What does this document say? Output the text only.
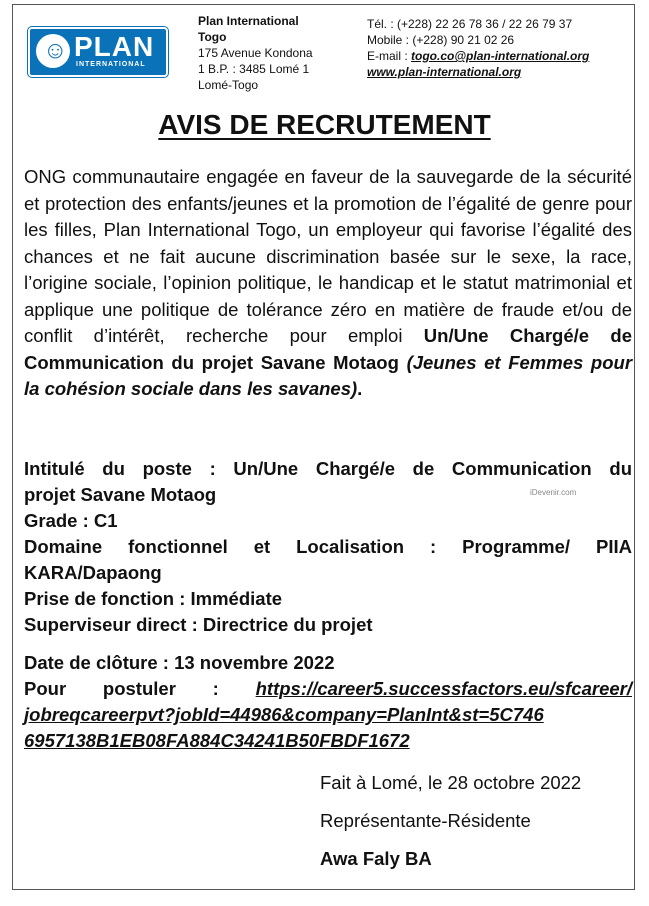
☺ PLAN
INTERNATIONAL
Plan International
Togo
175 Avenue Kondona
1 B.P. : 3485 Lomé 1
Lomé-Togo
Tél. : (+228) 22 26 78 36 / 22 26 79 37
Mobile : (+228) 90 21 02 26
E-mail : togo.co@plan-international.org
www.plan-international.org
AVIS DE RECRUTEMENT

ONG communautaire engagée en faveur de la sauvegarde de la sécurité et protection des enfants/jeunes et la promotion de l’égalité de genre pour les filles, Plan International Togo, un employeur qui favorise l’égalité des chances et ne fait aucune discrimination basée sur le sexe, la race, l’origine sociale, l’opinion politique, le handicap et le statut matrimonial et applique une politique de tolérance zéro en matière de fraude et/ou de conflit d’intérêt, recherche pour emploi Un/Une Chargé/e de Communication du projet Savane Motaog (Jeunes et Femmes pour la cohésion sociale dans les savanes).

Intitulé du poste : Un/Une Chargé/e de Communication du
projet Savane Motaog
Grade : C1
Domaine fonctionnel et Localisation : Programme/ PIIA
KARA/Dapaong
Prise de fonction : Immédiate
Superviseur direct : Directrice du projet
Date de clôture : 13 novembre 2022
Pour postuler : https://career5.successfactors.eu/sfcareer/
jobreqcareerpvt?jobId=44986&company=PlanInt&st=5C746
6957138B1EB08FA884C34241B50FBDF1672
iDevenir.com
Fait à Lomé, le 28 octobre 2022
Représentante-Résidente
Awa Faly BA
